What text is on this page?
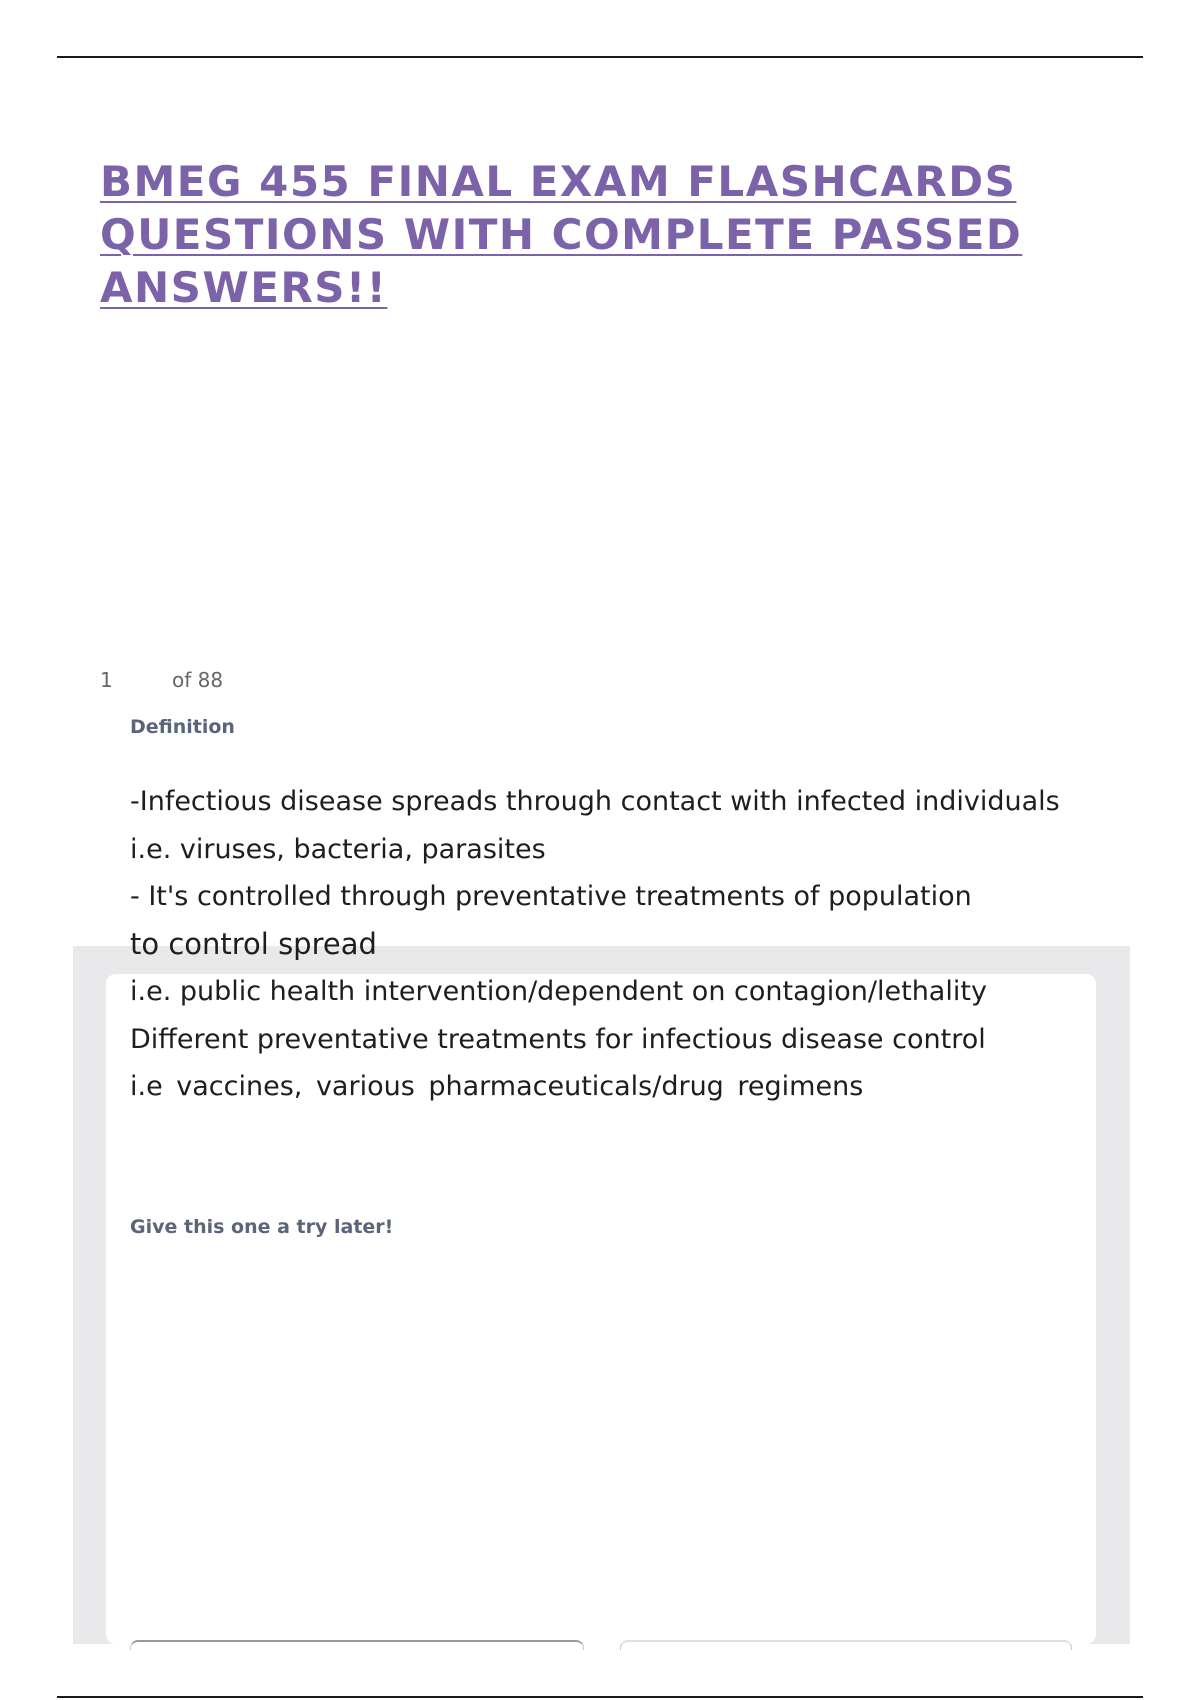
BMEG 455 FINAL EXAM FLASHCARDS QUESTIONS WITH COMPLETE PASSED ANSWERS!!
1	of 88
Definition
-Infectious disease spreads through contact with infected individuals
i.e. viruses, bacteria, parasites
- It's controlled through preventative treatments of population
to control spread
i.e. public health intervention/dependent on contagion/lethality
Different preventative treatments for infectious disease control
i.e vaccines, various pharmaceuticals/drug regimens
Give this one a try later!
